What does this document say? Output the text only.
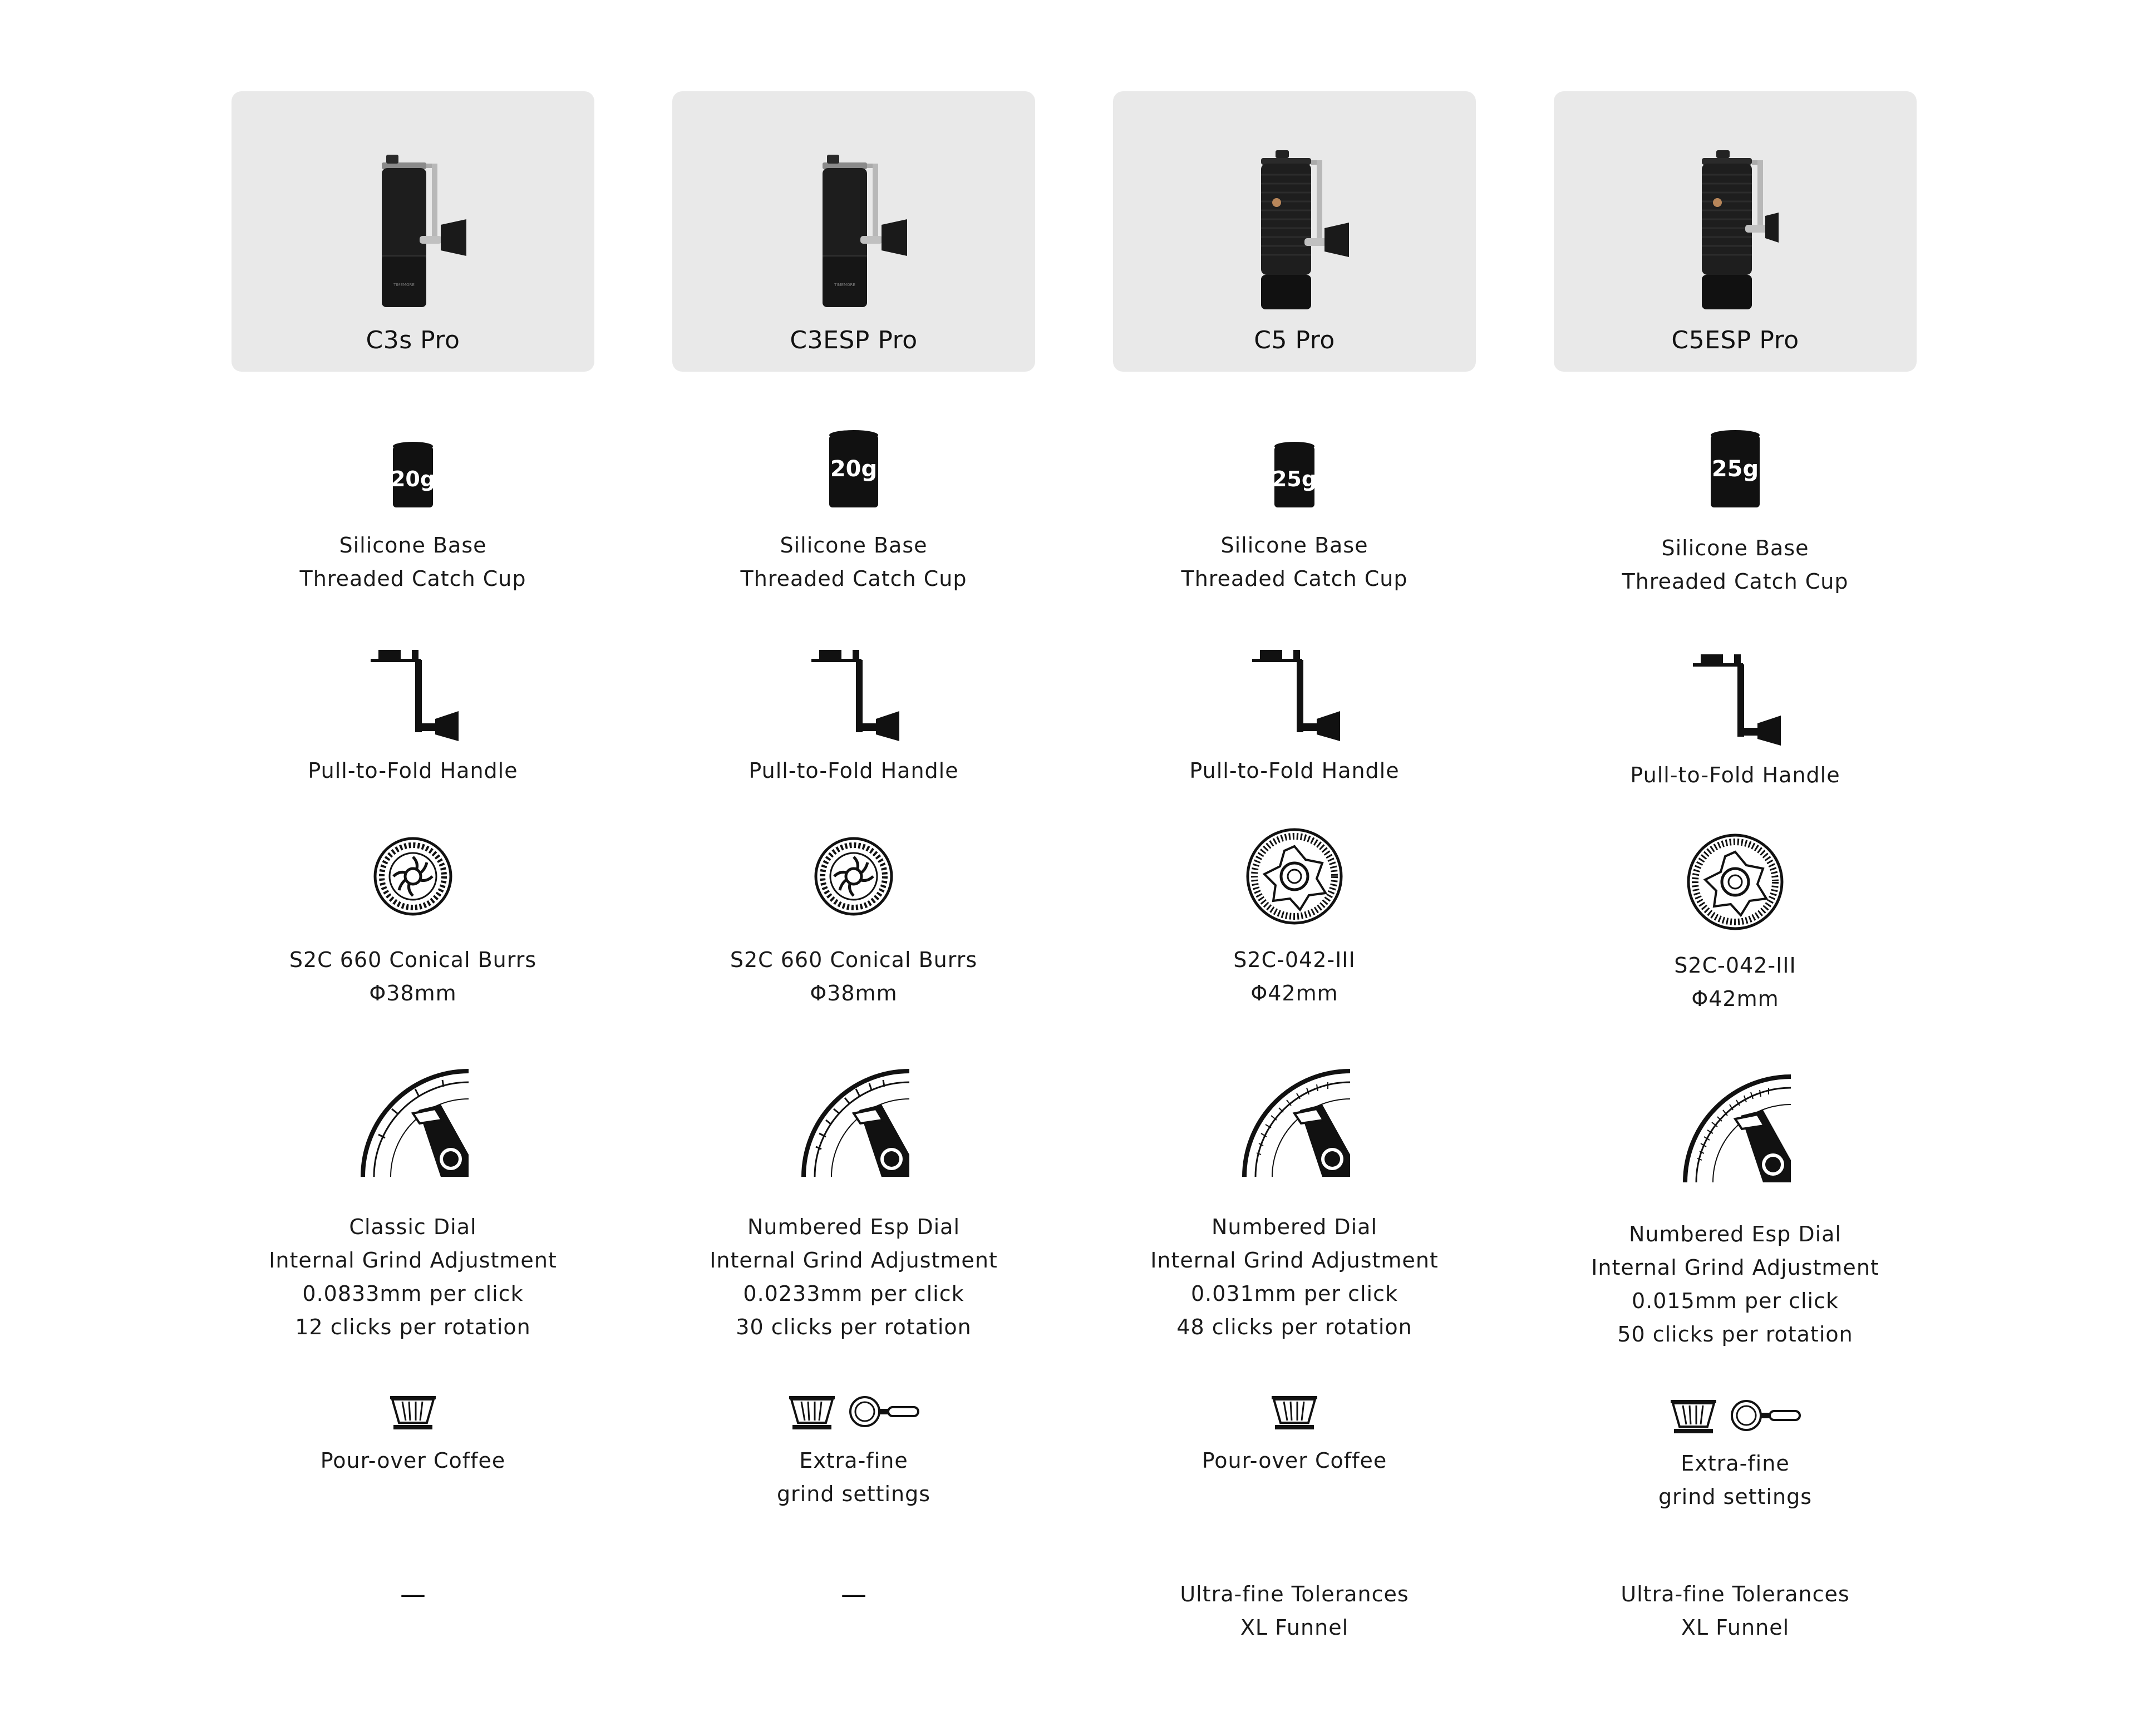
TIMEMORE
C3s Pro
20g
Silicone Base
Threaded Catch Cup
Pull-to-Fold Handle
S2C 660 Conical Burrs
Φ38mm
Classic Dial
Internal Grind Adjustment
0.0833mm per click
12 clicks per rotation
Pour-over Coffee
—
TIMEMORE
C3ESP Pro
20g
Silicone Base
Threaded Catch Cup
Pull-to-Fold Handle
S2C 660 Conical Burrs
Φ38mm
Numbered Esp Dial
Internal Grind Adjustment
0.0233mm per click
30 clicks per rotation
Extra-fine
grind settings
—
C5 Pro
25g
Silicone Base
Threaded Catch Cup
Pull-to-Fold Handle
S2C-042-III
Φ42mm
Numbered Dial
Internal Grind Adjustment
0.031mm per click
48 clicks per rotation
Pour-over Coffee
Ultra-fine Tolerances
XL Funnel
C5ESP Pro
25g
Silicone Base
Threaded Catch Cup
Pull-to-Fold Handle
S2C-042-III
Φ42mm
Numbered Esp Dial
Internal Grind Adjustment
0.015mm per click
50 clicks per rotation
Extra-fine
grind settings
Ultra-fine Tolerances
XL Funnel
